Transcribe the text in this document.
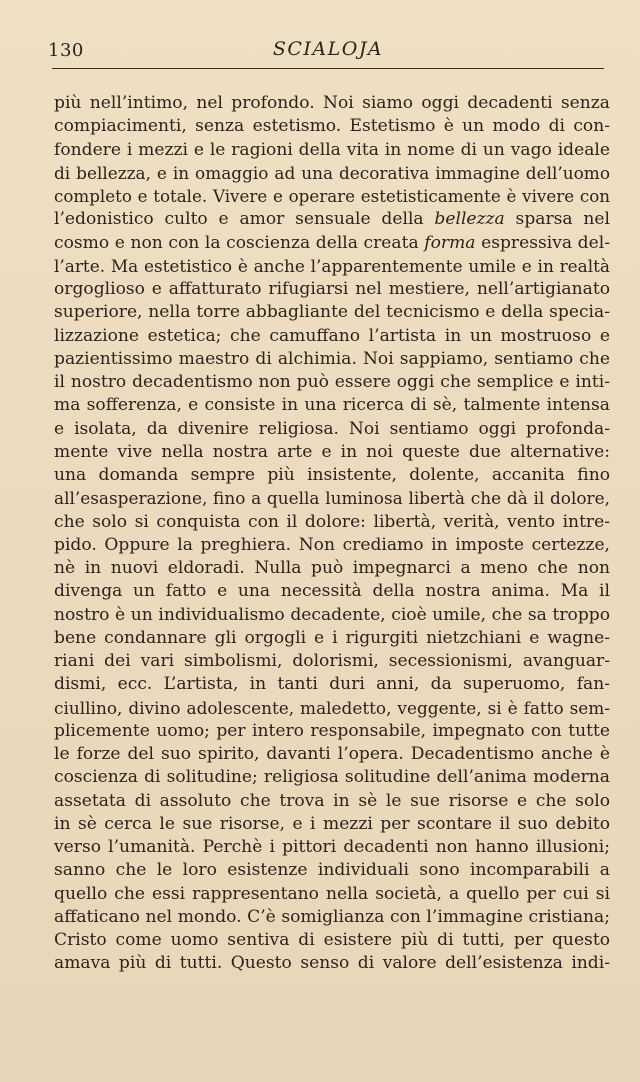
130	SCIALOJA
più nell’intimo, nel profondo. Noi siamo oggi decadenti senza
compiacimenti, senza estetismo. Estetismo è un modo di con-
fondere i mezzi e le ragioni della vita in nome di un vago ideale
di bellezza, e in omaggio ad una decorativa immagine dell’uomo
completo e totale. Vivere e operare estetisticamente è vivere con
l’edonistico culto e amor sensuale della bellezza sparsa nel
cosmo e non con la coscienza della creata forma espressiva del-
l’arte. Ma estetistico è anche l’apparentemente umile e in realtà
orgoglioso e affatturato rifugiarsi nel mestiere, nell’artigianato
superiore, nella torre abbagliante del tecnicismo e della specia-
lizzazione estetica; che camuffano l’artista in un mostruoso e
pazientissimo maestro di alchimia. Noi sappiamo, sentiamo che
il nostro decadentismo non può essere oggi che semplice e inti-
ma sofferenza, e consiste in una ricerca di sè, talmente intensa
e isolata, da divenire religiosa. Noi sentiamo oggi profonda-
mente vive nella nostra arte e in noi queste due alternative:
una domanda sempre più insistente, dolente, accanita fino
all’esasperazione, fino a quella luminosa libertà che dà il dolore,
che solo si conquista con il dolore: libertà, verità, vento intre-
pido. Oppure la preghiera. Non crediamo in imposte certezze,
nè in nuovi eldoradi. Nulla può impegnarci a meno che non
divenga un fatto e una necessità della nostra anima. Ma il
nostro è un individualismo decadente, cioè umile, che sa troppo
bene condannare gli orgogli e i rigurgiti nietzchiani e wagne-
riani dei vari simbolismi, dolorismi, secessionismi, avanguar-
dismi, ecc. L’artista, in tanti duri anni, da superuomo, fan-
ciullino, divino adolescente, maledetto, veggente, si è fatto sem-
plicemente uomo; per intero responsabile, impegnato con tutte
le forze del suo spirito, davanti l’opera. Decadentismo anche è
coscienza di solitudine; religiosa solitudine dell’anima moderna
assetata di assoluto che trova in sè le sue risorse e che solo
in sè cerca le sue risorse, e i mezzi per scontare il suo debito
verso l’umanità. Perchè i pittori decadenti non hanno illusioni;
sanno che le loro esistenze individuali sono incomparabili a
quello che essi rappresentano nella società, a quello per cui si
affaticano nel mondo. C’è somiglianza con l’immagine cristiana;
Cristo come uomo sentiva di esistere più di tutti, per questo
amava più di tutti. Questo senso di valore dell’esistenza indi-
